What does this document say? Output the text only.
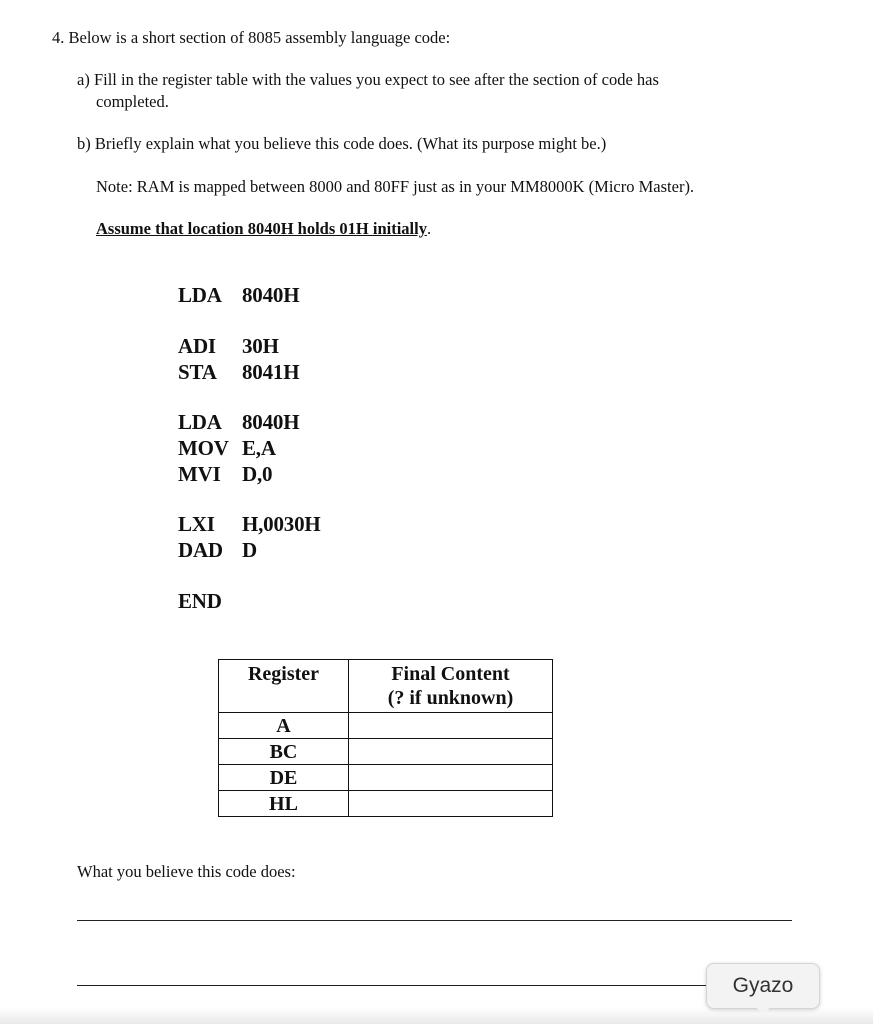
4. Below is a short section of 8085 assembly language code:
a) Fill in the register table with the values you expect to see after the section of code has
completed.
b) Briefly explain what you believe this code does. (What its purpose might be.)
Note: RAM is mapped between 8000 and 80FF just as in your MM8000K (Micro Master).
Assume that location 8040H holds 01H initially.
LDA 8040H
ADI 30H
STA 8041H
LDA 8040H
MOV E,A
MVI D,0
LXI H,0030H
DAD D
END
Register	Final Content
(? if unknown)
A	
BC	
DE	
HL	
What you believe this code does:
Gyazo
